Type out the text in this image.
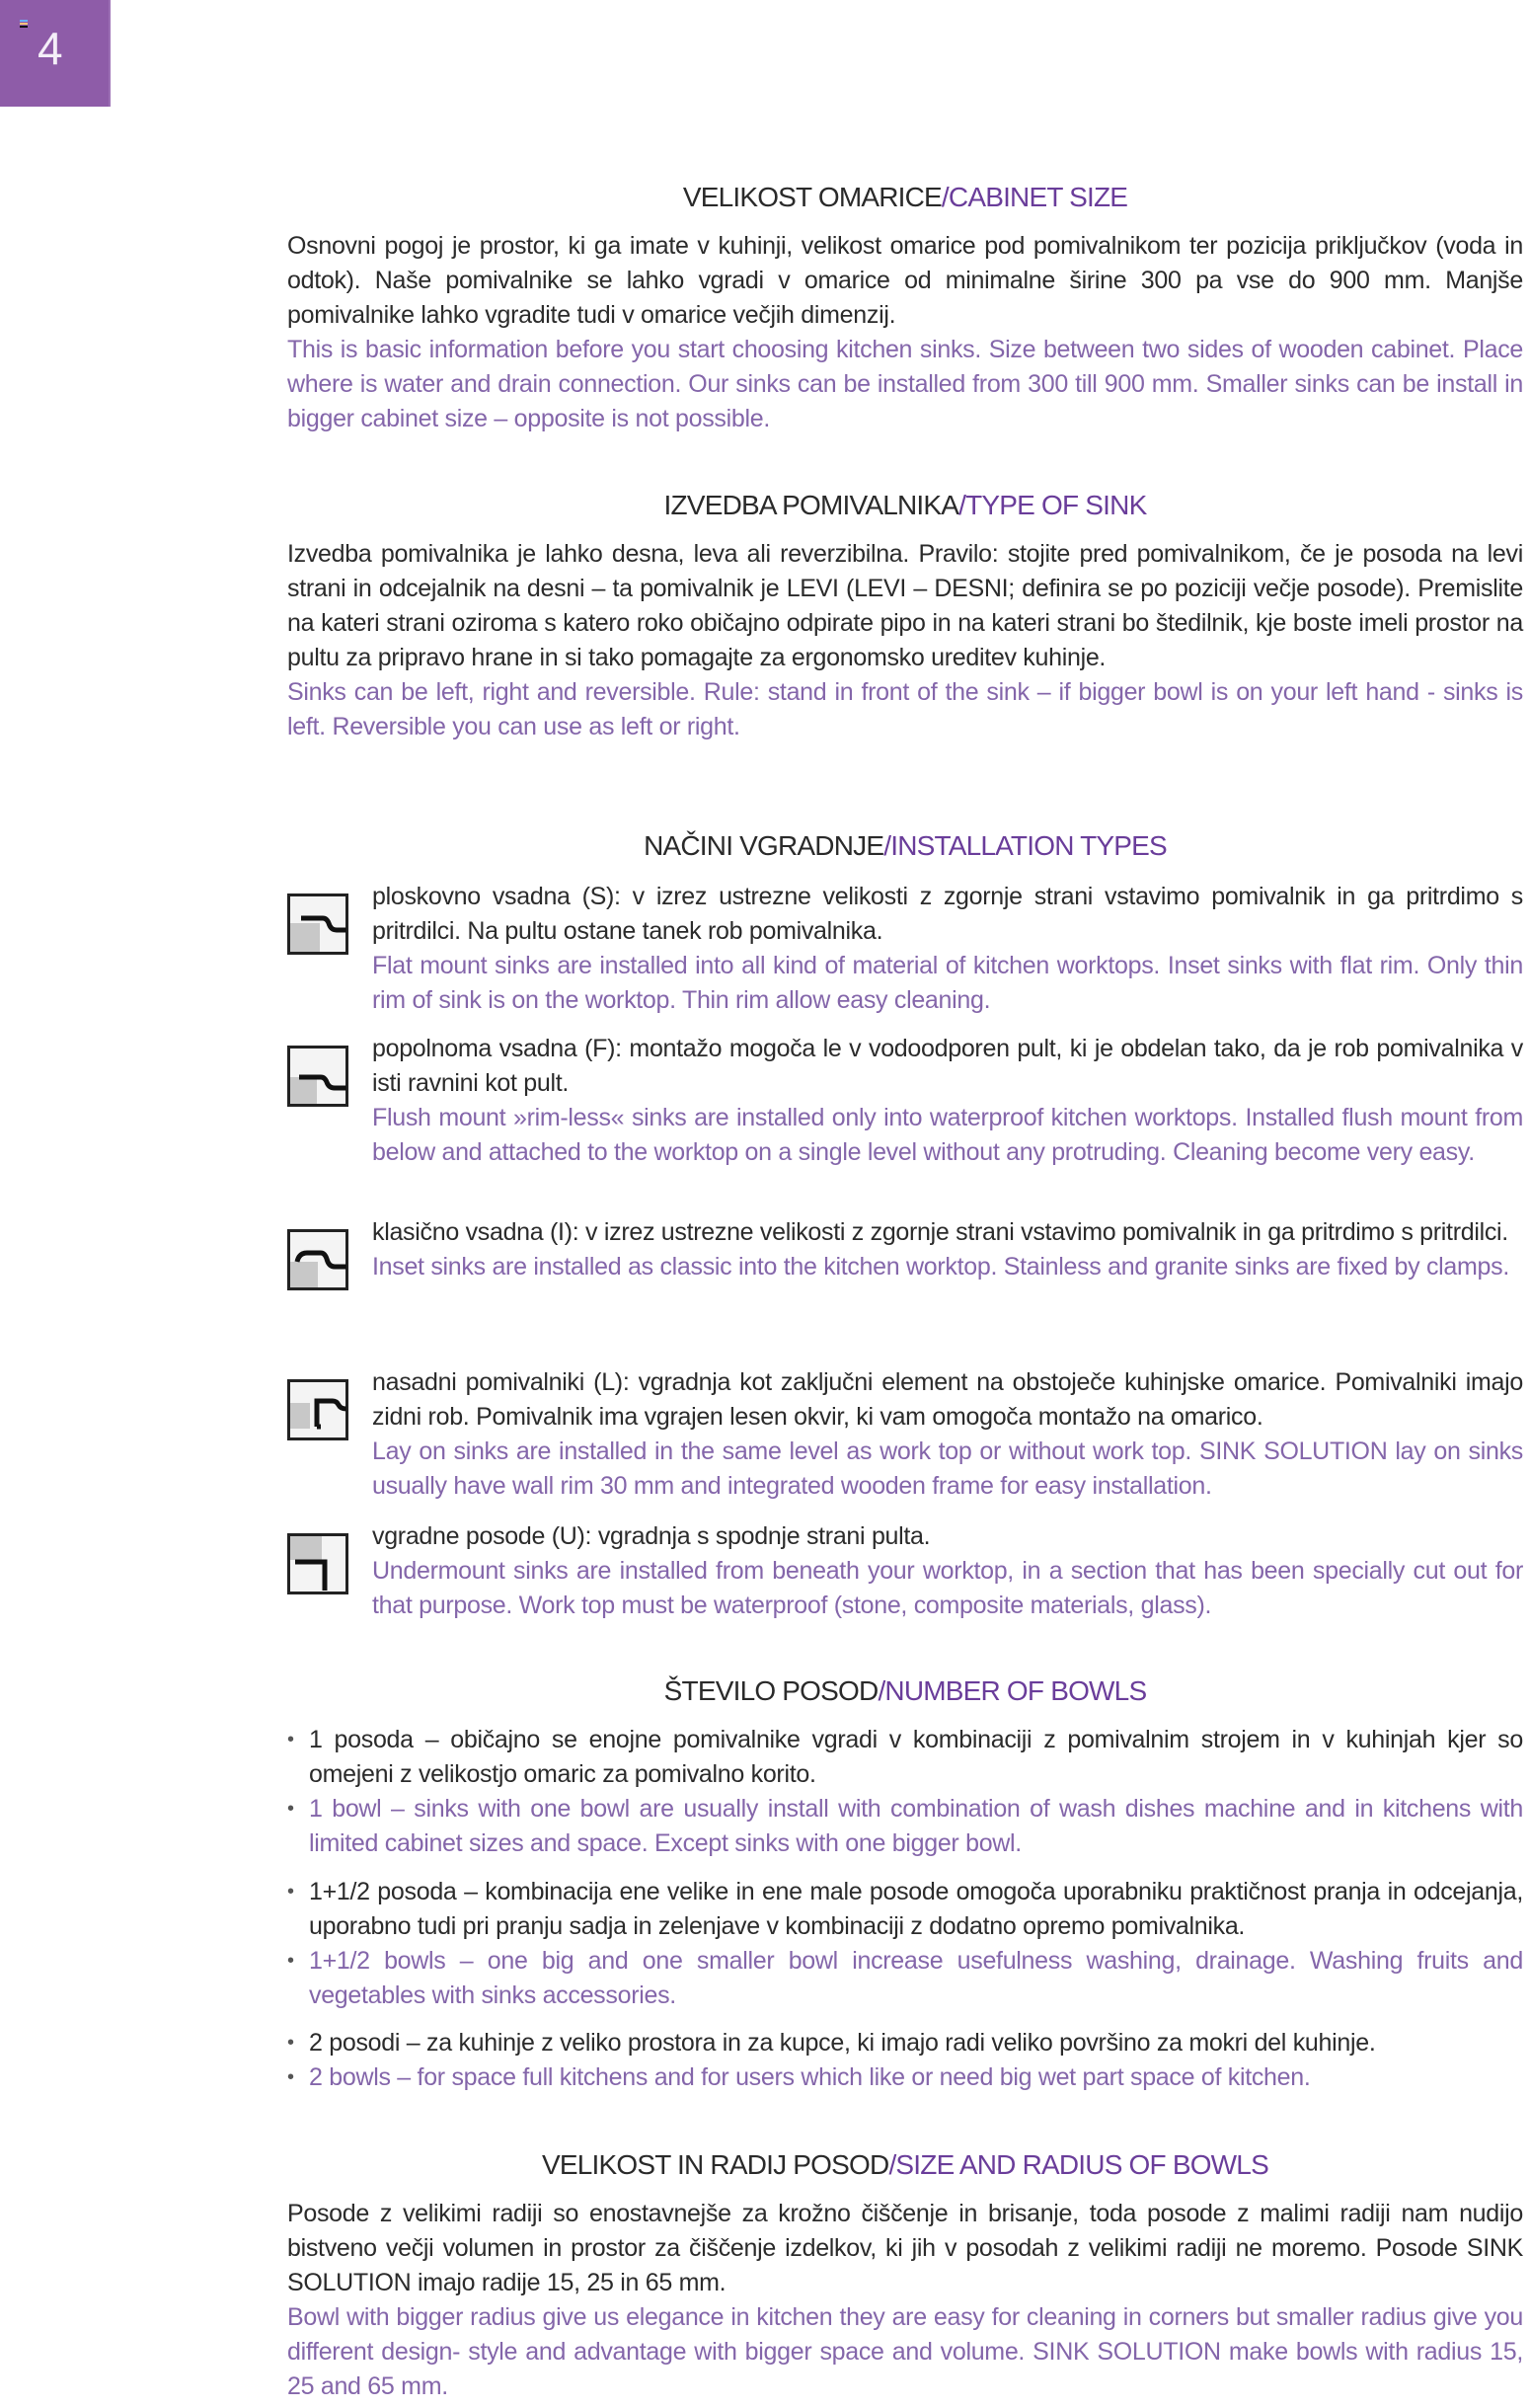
4
VELIKOST OMARICE/CABINET SIZE

Osnovni pogoj je prostor, ki ga imate v kuhinji, velikost omarice pod pomivalnikom ter pozicija priključkov (voda in odtok). Naše pomivalnike se lahko vgradi v omarice od minimalne širine 300 pa vse do 900 mm. Manjše pomivalnike lahko vgradite tudi v omarice večjih dimenzij.

This is basic information before you start choosing kitchen sinks. Size between two sides of wooden cabinet. Place where is water and drain connection. Our sinks can be installed from 300 till 900 mm. Smaller sinks can be install in bigger cabinet size – opposite is not possible.

IZVEDBA POMIVALNIKA/TYPE OF SINK

Izvedba pomivalnika je lahko desna, leva ali reverzibilna. Pravilo: stojite pred pomivalnikom, če je posoda na levi strani in odcejalnik na desni – ta pomivalnik je LEVI (LEVI – DESNI; definira se po poziciji večje posode). Premislite na kateri strani oziroma s katero roko običajno odpirate pipo in na kateri strani bo štedilnik, kje boste imeli prostor na pultu za pripravo hrane in si tako pomagajte za ergonomsko ureditev kuhinje.

Sinks can be left, right and reversible. Rule: stand in front of the sink – if bigger bowl is on your left hand - sinks is left. Reversible you can use as left or right.

NAČINI VGRADNJE/INSTALLATION TYPES

ploskovno vsadna (S): v izrez ustrezne velikosti z zgornje strani vstavimo pomivalnik in ga pritrdimo s pritrdilci. Na pultu ostane tanek rob pomivalnika.

Flat mount sinks are installed into all kind of material of kitchen worktops. Inset sinks with flat rim. Only thin rim of sink is on the worktop. Thin rim allow easy cleaning.

popolnoma vsadna (F): montažo mogoča le v vodoodporen pult, ki je obdelan tako, da je rob pomivalnika v isti ravnini kot pult.

Flush mount »rim-less« sinks are installed only into waterproof kitchen worktops. Installed flush mount from below and attached to the worktop on a single level without any protruding. Cleaning become very easy.

klasično vsadna (I): v izrez ustrezne velikosti z zgornje strani vstavimo pomivalnik in ga pritrdimo s pritrdilci.

Inset sinks are installed as classic into the kitchen worktop. Stainless and granite sinks are fixed by clamps.

nasadni pomivalniki (L): vgradnja kot zaključni element na obstoječe kuhinjske omarice. Pomivalniki imajo zidni rob. Pomivalnik ima vgrajen lesen okvir, ki vam omogoča montažo na omarico.

Lay on sinks are installed in the same level as work top or without work top. SINK SOLUTION lay on sinks usually have wall rim 30 mm and integrated wooden frame for easy installation.

vgradne posode (U): vgradnja s spodnje strani pulta.

Undermount sinks are installed from beneath your worktop, in a section that has been specially cut out for that purpose. Work top must be waterproof (stone, composite materials, glass).

ŠTEVILO POSOD/NUMBER OF BOWLS

• 1 posoda – običajno se enojne pomivalnike vgradi v kombinaciji z pomivalnim strojem in v kuhinjah kjer so omejeni z velikostjo omaric za pomivalno korito.

• 1 bowl – sinks with one bowl are usually install with combination of wash dishes machine and in kitchens with limited cabinet sizes and space. Except sinks with one bigger bowl.

• 1+1/2 posoda – kombinacija ene velike in ene male posode omogoča uporabniku praktičnost pranja in odcejanja, uporabno tudi pri pranju sadja in zelenjave v kombinaciji z dodatno opremo pomivalnika.

• 1+1/2 bowls – one big and one smaller bowl increase usefulness washing, drainage. Washing fruits and vegetables with sinks accessories.

• 2 posodi – za kuhinje z veliko prostora in za kupce, ki imajo radi veliko površino za mokri del kuhinje.

• 2 bowls – for space full kitchens and for users which like or need big wet part space of kitchen.

VELIKOST IN RADIJ POSOD/SIZE AND RADIUS OF BOWLS

Posode z velikimi radiji so enostavnejše za krožno čiščenje in brisanje, toda posode z malimi radiji nam nudijo bistveno večji volumen in prostor za čiščenje izdelkov, ki jih v posodah z velikimi radiji ne moremo. Posode SINK SOLUTION imajo radije 15, 25 in 65 mm.

Bowl with bigger radius give us elegance in kitchen they are easy for cleaning in corners but smaller radius give you different design- style and advantage with bigger space and volume. SINK SOLUTION make bowls with radius 15, 25 and 65 mm.
